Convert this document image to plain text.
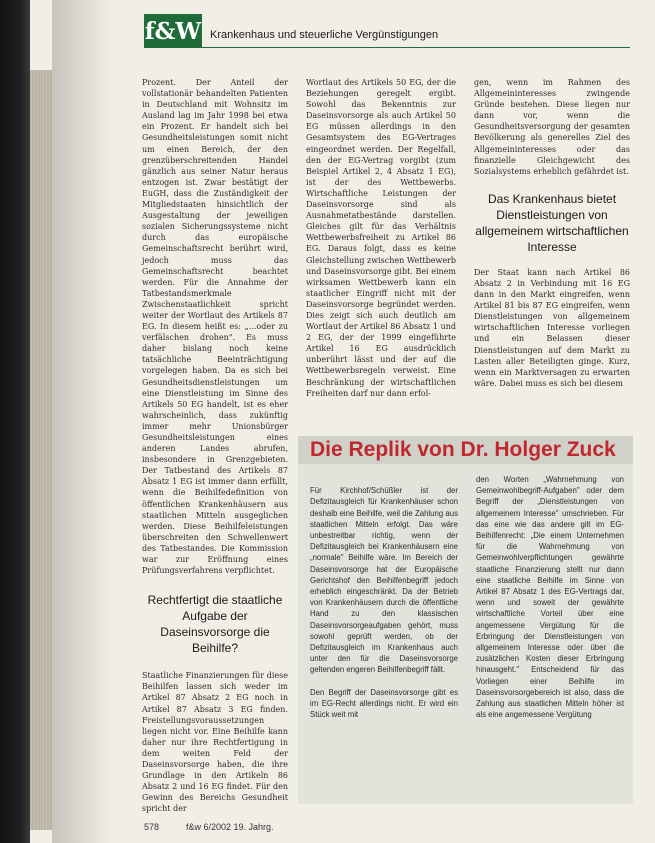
f&W Krankenhaus und steuerliche Vergünstigungen

Prozent. Der Anteil der vollstationär behandelten Patienten in Deutschland mit Wohnsitz im Ausland lag im Jahr 1998 bei etwa ein Prozent. Er handelt sich bei Gesundheitsleistungen somit nicht um einen Bereich, der den grenzüberschreitenden Handel gänzlich aus seiner Natur heraus entzogen ist. Zwar bestätigt der EuGH, dass die Zuständigkeit der Mitgliedstaaten hinsichtlich der Ausgestaltung der jeweiligen sozialen Sicherungssysteme nicht durch das europäische Gemeinschaftsrecht berührt wird, jedoch muss das Gemeinschaftsrecht beachtet werden. Für die Annahme der Tatbestandsmerkmale Zwischenstaatlichkeit spricht weiter der Wortlaut des Artikels 87 EG. In diesem heißt es: „...oder zu verfälschen drohen". Es muss daher bislang noch keine tatsächliche Beeinträchtigung vorgelegen haben. Da es sich bei Gesundheitsdienstleistungen um eine Dienstleistung im Sinne des Artikels 50 EG handelt, ist es eher wahrscheinlich, dass zukünftig immer mehr Unionsbürger Gesundheitsleistungen eines anderen Landes abrufen, insbesondere in Grenzgebieten. Der Tatbestand des Artikels 87 Absatz 1 EG ist immer dann erfüllt, wenn die Beihilfedefinition von öffentlichen Krankenhäusern aus staatlichen Mitteln ausgeglichen werden. Diese Beihilfeleistungen überschreiten den Schwellenwert des Tatbestandes. Die Kommission war zur Eröffnung eines Prüfungsverfahrens verpflichtet.

Rechtfertigt die staatliche Aufgabe der Daseinsvorsorge die Beihilfe?

Staatliche Finanzierungen für diese Beihilfen lassen sich weder im Artikel 87 Absatz 2 EG noch in Artikel 87 Absatz 3 EG finden. Freistellungsvoraussetzungen liegen nicht vor. Eine Beihilfe kann daher nur ihre Rechtfertigung in dem weiten Feld der Daseinsvorsorge haben, die ihre Grundlage in den Artikeln 86 Absatz 2 und 16 EG findet. Für den Gewinn des Bereichs Gesundheit spricht der

Wortlaut des Artikels 50 EG, der die Beziehungen geregelt ergibt. Sowohl das Bekenntnis zur Daseinsvorsorge als auch Artikel 50 EG müssen allerdings in den Gesamtsystem des EG-Vertrages eingeordnet werden. Der Regelfall, den der EG-Vertrag vorgibt (zum Beispiel Artikel 2, 4 Absatz 1 EG), ist der des Wettbewerbs. Wirtschaftliche Leistungen der Daseinsvorsorge sind als Ausnahmetatbestände darstellen. Gleiches gilt für das Verhältnis Wettbewerbsfreiheit zu Artikel 86 EG. Daraus folgt, dass es keine Gleichstellung zwischen Wettbewerb und Daseinsvorsorge gibt. Bei einem wirksamen Wettbewerb kann ein staatlicher Eingriff nicht mit der Daseinsvorsorge begründet werden. Dies zeigt sich auch deutlich am Wortlaut der Artikel 86 Absatz 1 und 2 EG, der der 1999 eingeführte Artikel 16 EG ausdrücklich unberührt lässt und der auf die Wettbewerbsregeln verweist. Eine Beschränkung der wirtschaftlichen Freiheiten darf nur dann erfol-

gen, wenn im Rahmen des Allgemeininteresses zwingende Gründe bestehen. Diese liegen nur dann vor, wenn die Gesundheitsversorgung der gesamten Bevölkerung als generelles Ziel des Allgemeininteresses oder das finanzielle Gleichgewicht des Sozialsystems erheblich gefährdet ist.

Das Krankenhaus bietet Dienstleistungen von allgemeinem wirtschaftlichen Interesse

Der Staat kann nach Artikel 86 Absatz 2 in Verbindung mit 16 EG dann in den Markt eingreifen, wenn Artikel 81 bis 87 EG eingreifen, wenn Dienstleistungen von allgemeinem wirtschaftlichen Interesse vorliegen und ein Belassen dieser Dienstleistungen auf dem Markt zu Lasten aller Beteiligten ginge. Kurz, wenn ein Marktversagen zu erwarten wäre. Dabei muss es sich bei diesem

Die Replik von Dr. Holger Zuck

Für Kirchhof/Schüßler ist der Defizitausgleich für Krankenhäuser schon deshalb eine Beihilfe, weil die Zahlung aus staatlichen Mitteln erfolgt. Das wäre unbestreitbar richtig, wenn der Defizitausgleich bei Krankenhäusern eine „normale" Beihilfe wäre. Im Bereich der Daseinsvorsorge hat der Europäische Gerichtshof den Beihilfenbegriff jedoch erheblich eingeschränkt. Da der Betrieb von Krankenhäusern durch die öffentliche Hand zu den klassischen Daseinsvorsorgeaufgaben gehört, muss sowohl geprüft werden, ob der Defizitausgleich im Krankenhaus auch unter den für die Daseinsvorsorge geltenden engeren Beihilfenbegriff fällt.

Den Begriff der Daseinsvorsorge gibt es im EG-Recht allerdings nicht. Er wird ein Stück weit mit

den Worten „Wahrnehmung von Gemeinwohlbegriff-Aufgaben" oder dem Begriff der „Dienstleistungen von allgemeinem Interesse" umschrieben. Für das eine wie das andere gilt im EG-Beihilfenrecht: „Die einem Unternehmen für die Wahrnehmung von Gemeinwohlverpflichtungen gewährte staatliche Finanzierung stellt nur dann eine staatliche Beihilfe im Sinne von Artikel 87 Absatz 1 des EG-Vertrags dar, wenn und soweit der gewährte wirtschaftliche Vorteil über eine angemessene Vergütung für die Erbringung der Dienstleistungen von allgemeinem Interesse oder über die zusätzlichen Kosten dieser Erbringung hinausgeht." Entscheidend für das Vorliegen einer Beihilfe im Daseinsvorsorgebereich ist also, dass die Zahlung aus staatlichen Mitteln höher ist als eine angemessene Vergütung
578	f&w 6/2002 19. Jahrg.
